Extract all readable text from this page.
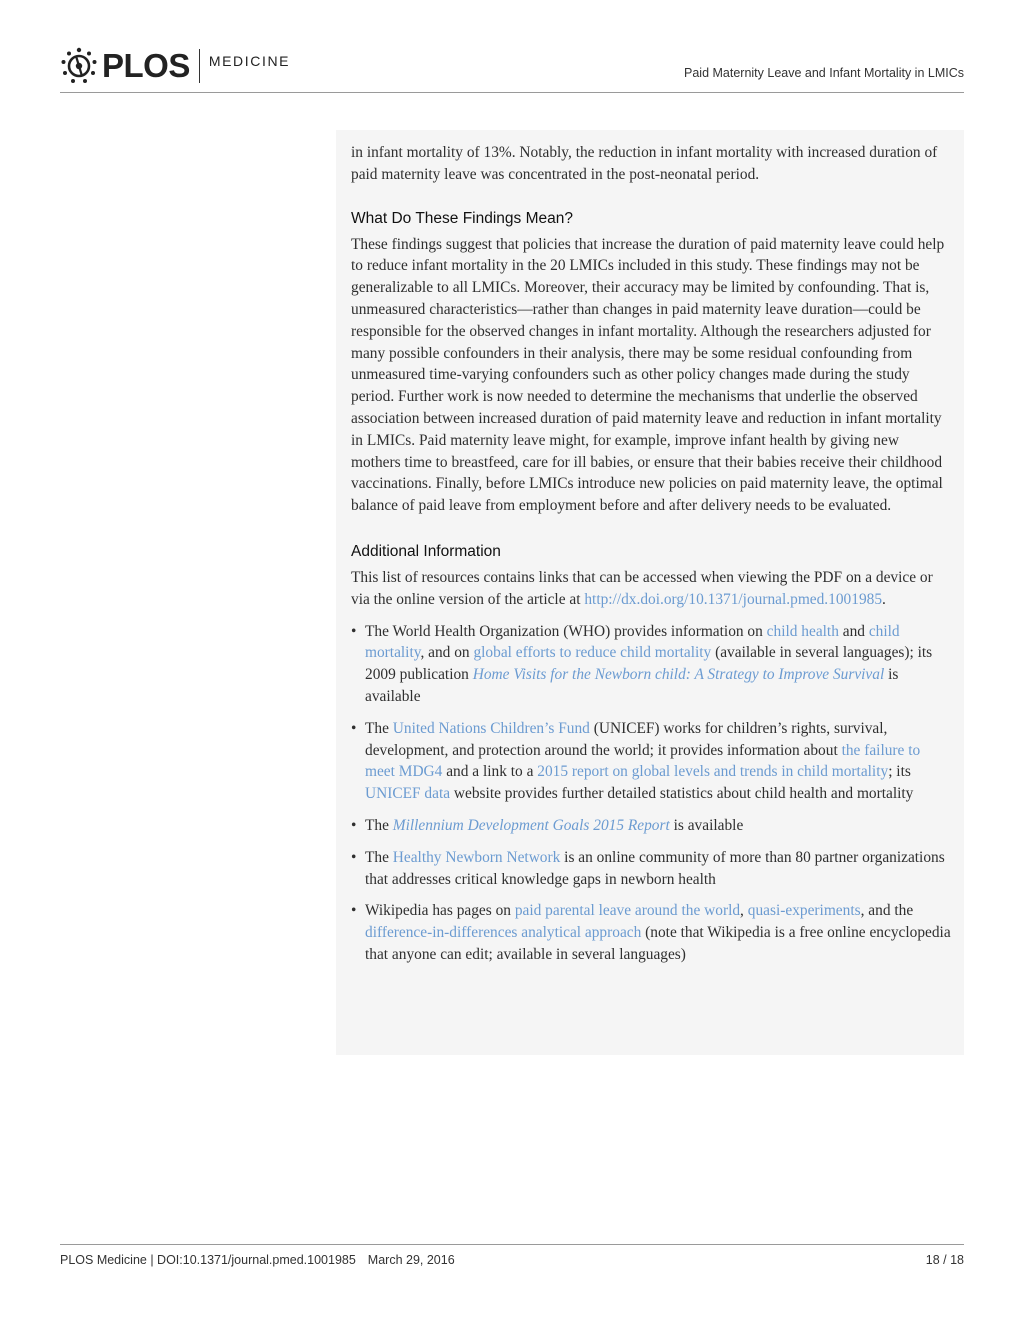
PLOS MEDICINE
Paid Maternity Leave and Infant Mortality in LMICs

in infant mortality of 13%. Notably, the reduction in infant mortality with increased duration of paid maternity leave was concentrated in the post-neonatal period.

What Do These Findings Mean?

These findings suggest that policies that increase the duration of paid maternity leave could help to reduce infant mortality in the 20 LMICs included in this study. These findings may not be generalizable to all LMICs. Moreover, their accuracy may be limited by confounding. That is, unmeasured characteristics—rather than changes in paid maternity leave duration—could be responsible for the observed changes in infant mortality. Although the researchers adjusted for many possible confounders in their analysis, there may be some residual confounding from unmeasured time-varying confounders such as other policy changes made during the study period. Further work is now needed to determine the mechanisms that underlie the observed association between increased duration of paid maternity leave and reduction in infant mortality in LMICs. Paid maternity leave might, for example, improve infant health by giving new mothers time to breastfeed, care for ill babies, or ensure that their babies receive their childhood vaccinations. Finally, before LMICs introduce new policies on paid maternity leave, the optimal balance of paid leave from employment before and after delivery needs to be evaluated.

Additional Information

This list of resources contains links that can be accessed when viewing the PDF on a device or via the online version of the article at http://dx.doi.org/10.1371/journal.pmed.1001985.

• The World Health Organization (WHO) provides information on child health and child mortality, and on global efforts to reduce child mortality (available in several languages); its 2009 publication Home Visits for the Newborn child: A Strategy to Improve Survival is available
• The United Nations Children’s Fund (UNICEF) works for children’s rights, survival, development, and protection around the world; it provides information about the failure to meet MDG4 and a link to a 2015 report on global levels and trends in child mortality; its UNICEF data website provides further detailed statistics about child health and mortality
• The Millennium Development Goals 2015 Report is available
• The Healthy Newborn Network is an online community of more than 80 partner organizations that addresses critical knowledge gaps in newborn health
• Wikipedia has pages on paid parental leave around the world, quasi-experiments, and the difference-in-differences analytical approach (note that Wikipedia is a free online encyclopedia that anyone can edit; available in several languages)
PLOS Medicine | DOI:10.1371/journal.pmed.1001985 March 29, 2016	18 / 18
